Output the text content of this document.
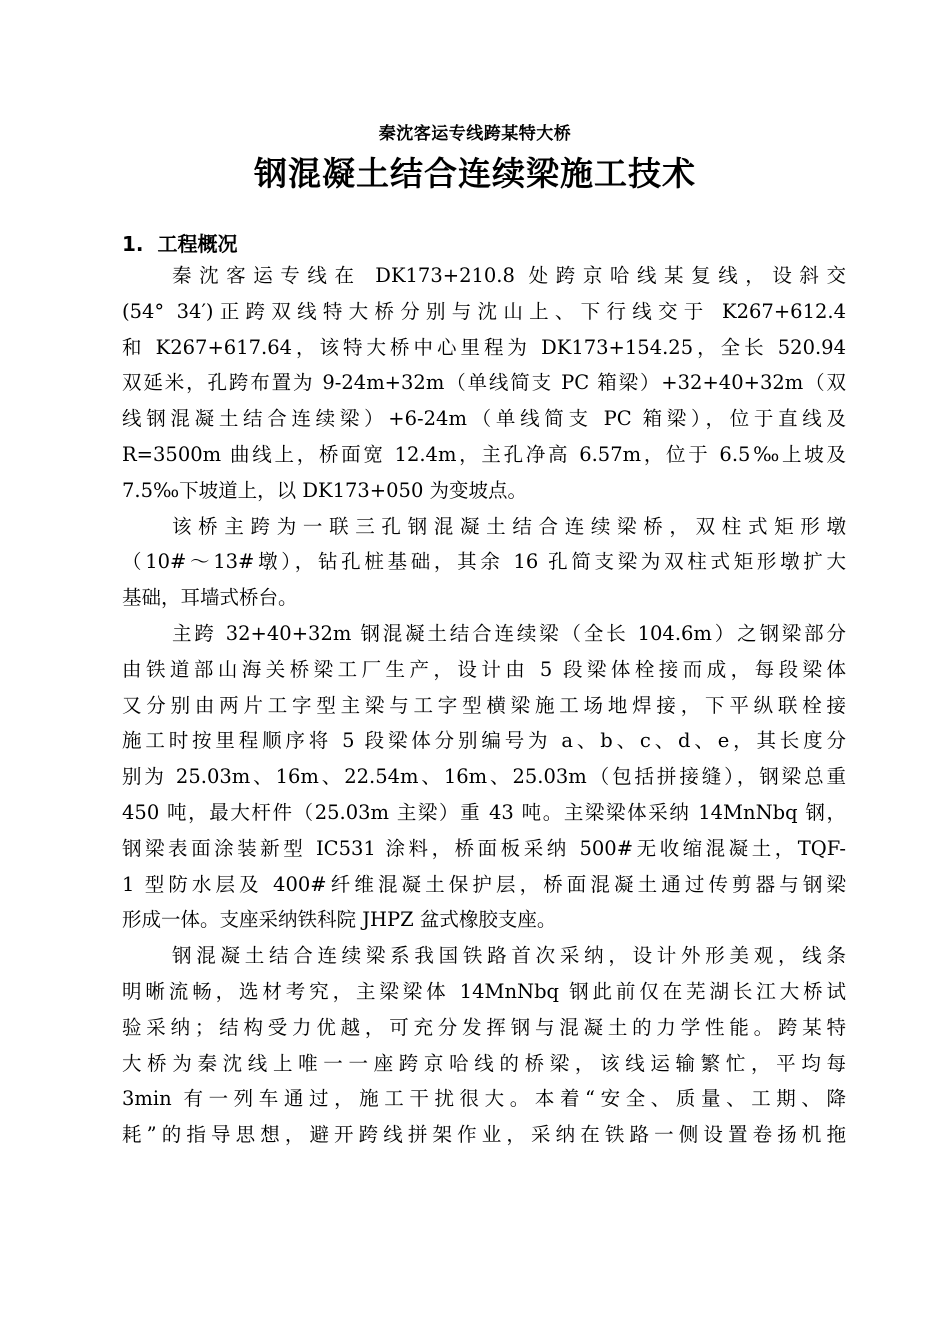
秦沈客运专线跨某特大桥
钢混凝土结合连续梁施工技术
1. 工程概况
秦沈客运专线在 DK173+210.8 处跨京哈线某复线，设斜交
(54° 34′)正跨双线特大桥分别与沈山上、下行线交于 K267+612.4
和 K267+617.64，该特大桥中心里程为 DK173+154.25，全长 520.94
双延米，孔跨布置为 9-24m+32m（单线简支 PC 箱梁）+32+40+32m（双
线钢混凝土结合连续梁）+6-24m（单线简支 PC 箱梁），位于直线及
R=3500m 曲线上，桥面宽 12.4m，主孔净高 6.57m，位于 6.5‰上坡及
7.5‰下坡道上，以 DK173+050 为变坡点。
该桥主跨为一联三孔钢混凝土结合连续梁桥，双柱式矩形墩
（10#～13#墩），钻孔桩基础，其余 16 孔简支梁为双柱式矩形墩扩大
基础，耳墙式桥台。
主跨 32+40+32m 钢混凝土结合连续梁（全长 104.6m）之钢梁部分
由铁道部山海关桥梁工厂生产，设计由 5 段梁体栓接而成，每段梁体
又分别由两片工字型主梁与工字型横梁施工场地焊接，下平纵联栓接
施工时按里程顺序将 5 段梁体分别编号为 a、b、c、d、e，其长度分
别为 25.03m、16m、22.54m、16m、25.03m（包括拼接缝），钢梁总重
450 吨，最大杆件（25.03m 主梁）重 43 吨。主梁梁体采纳 14MnNbq 钢，
钢梁表面涂装新型 IC531 涂料，桥面板采纳 500#无收缩混凝土，TQF-
1 型防水层及 400#纤维混凝土保护层，桥面混凝土通过传剪器与钢梁
形成一体。支座采纳铁科院 JHPZ 盆式橡胶支座。
钢混凝土结合连续梁系我国铁路首次采纳，设计外形美观，线条
明晰流畅，选材考究，主梁梁体 14MnNbq 钢此前仅在芜湖长江大桥试
验采纳；结构受力优越，可充分发挥钢与混凝土的力学性能。跨某特
大桥为秦沈线上唯一一座跨京哈线的桥梁，该线运输繁忙，平均每
3min 有一列车通过，施工干扰很大。本着“安全、质量、工期、降
耗”的指导思想，避开跨线拼架作业，采纳在铁路一侧设置卷扬机拖
